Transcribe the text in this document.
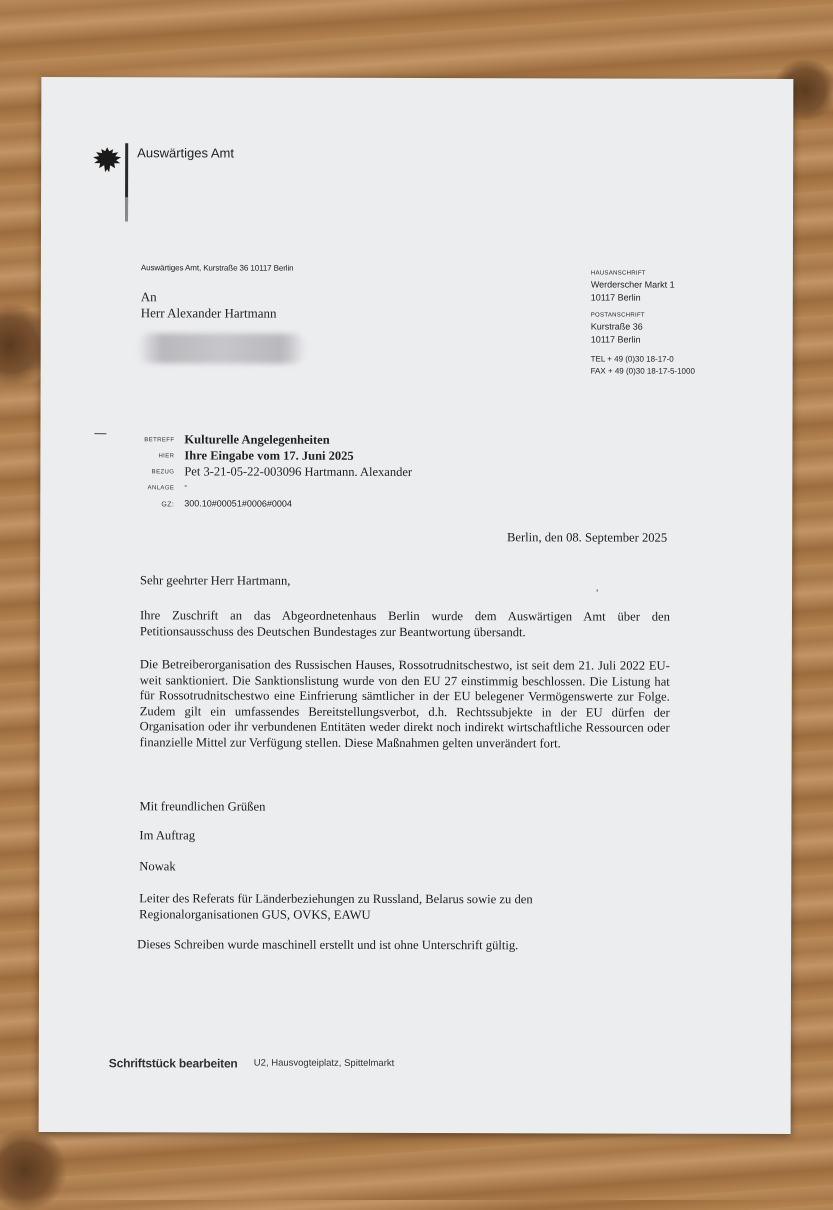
Auswärtiges Amt
Auswärtiges Amt, Kurstraße 36 10117 Berlin
An
Herr Alexander Hartmann
HAUSANSCHRIFT
Werderscher Markt 1
10117 Berlin
POSTANSCHRIFT
Kurstraße 36
10117 Berlin
TEL + 49 (0)30 18-17-0
FAX + 49 (0)30 18-17-5-1000
BETREFF Kulturelle Angelegenheiten
HIER Ihre Eingabe vom 17. Juni 2025
BEZUG Pet 3-21-05-22-003096 Hartmann. Alexander
ANLAGE -
GZ: 300.10#00051#0006#0004
Berlin, den 08. September 2025
,
Sehr geehrter Herr Hartmann,
Ihre Zuschrift an das Abgeordnetenhaus Berlin wurde dem Auswärtigen Amt über den Petitionsausschuss des Deutschen Bundestages zur Beantwortung übersandt.
Die Betreiberorganisation des Russischen Hauses, Rossotrudnitschestwo, ist seit dem 21. Juli 2022 EU-weit sanktioniert. Die Sanktionslistung wurde von den EU 27 einstimmig beschlossen. Die Listung hat für Rossotrudnitschestwo eine Einfrierung sämtlicher in der EU belegener Vermögenswerte zur Folge. Zudem gilt ein umfassendes Bereitstellungsverbot, d.h. Rechtssubjekte in der EU dürfen der Organisation oder ihr verbundenen Entitäten weder direkt noch indirekt wirtschaftliche Ressourcen oder finanzielle Mittel zur Verfügung stellen. Diese Maßnahmen gelten unverändert fort.
Mit freundlichen Grüßen
Im Auftrag
Nowak
Leiter des Referats für Länderbeziehungen zu Russland, Belarus sowie zu den Regionalorganisationen GUS, OVKS, EAWU
Dieses Schreiben wurde maschinell erstellt und ist ohne Unterschrift gültig.
U2, Hausvogteiplatz, Spittelmarkt
Schriftstück bearbeiten
